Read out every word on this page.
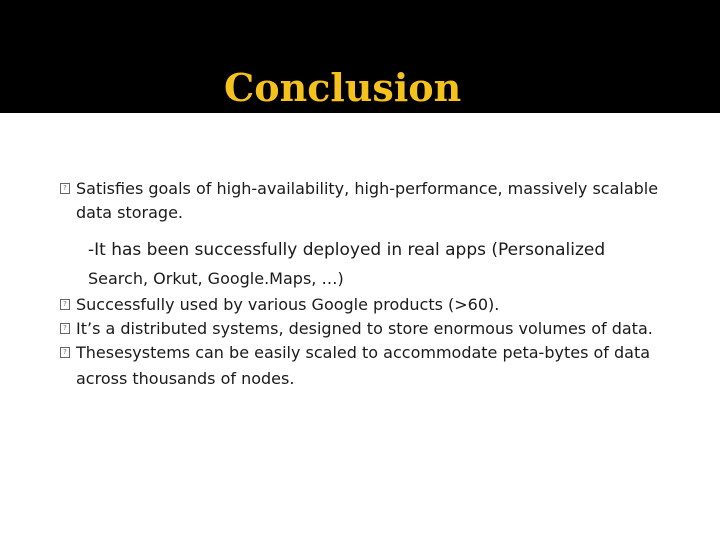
Conclusion
? Satisfies goals of high-availability, high-performance, massively scalable
data storage.
-It has been successfully deployed in real apps (Personalized
Search, Orkut, Google.Maps, …)
? Successfully used by various Google products (>60).
? It’s a distributed systems, designed to store enormous volumes of data.
? Thesesystems can be easily scaled to accommodate peta-bytes of data
across thousands of nodes.
